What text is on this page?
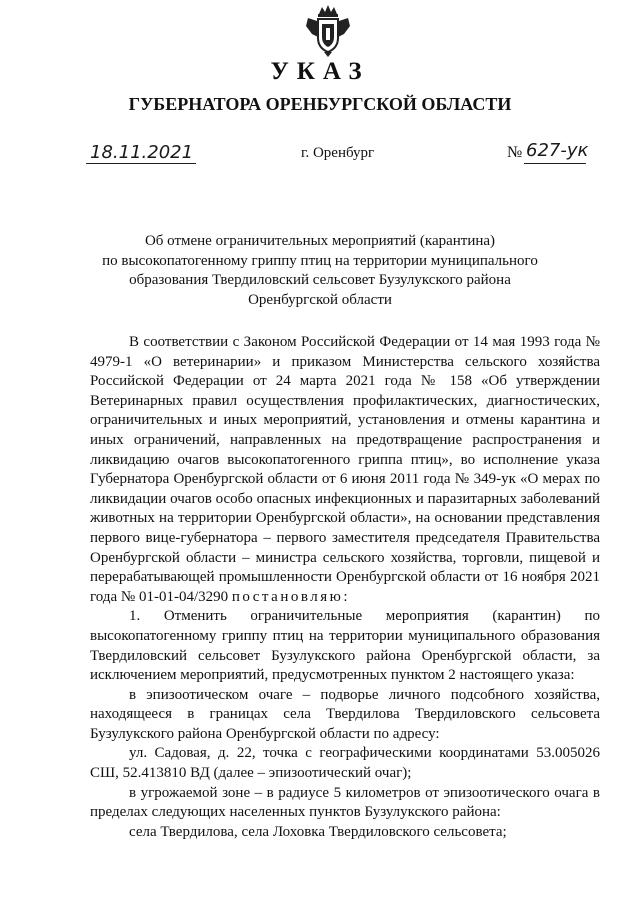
УКАЗ
ГУБЕРНАТОРА ОРЕНБУРГСКОЙ ОБЛАСТИ
18.11.2021	г. Оренбург	№ 627-ук
Об отмене ограничительных мероприятий (карантина)
по высокопатогенному гриппу птиц на территории муниципального
образования Твердиловский сельсовет Бузулукского района
Оренбургской области

В соответствии с Законом Российской Федерации от 14 мая 1993 года № 4979-1 «О ветеринарии» и приказом Министерства сельского хозяйства Российской Федерации от 24 марта 2021 года № 158 «Об утверждении Ветеринарных правил осуществления профилактических, диагностических, ограничительных и иных мероприятий, установления и отмены карантина и иных ограничений, направленных на предотвращение распространения и ликвидацию очагов высокопатогенного гриппа птиц», во исполнение указа Губернатора Оренбургской области от 6 июня 2011 года № 349-ук «О мерах по ликвидации очагов особо опасных инфекционных и паразитарных заболеваний животных на территории Оренбургской области», на основании представления первого вице-губернатора – первого заместителя председателя Правительства Оренбургской области – министра сельского хозяйства, торговли, пищевой и перерабатывающей промышленности Оренбургской области от 16 ноября 2021 года № 01-01-04/3290 постановляю:

1. Отменить ограничительные мероприятия (карантин) по высокопатогенному гриппу птиц на территории муниципального образования Твердиловский сельсовет Бузулукского района Оренбургской области, за исключением мероприятий, предусмотренных пунктом 2 настоящего указа:

в эпизоотическом очаге – подворье личного подсобного хозяйства, находящееся в границах села Твердилова Твердиловского сельсовета Бузулукского района Оренбургской области по адресу:

ул. Садовая, д. 22, точка с географическими координатами 53.005026 СШ, 52.413810 ВД (далее – эпизоотический очаг);

в угрожаемой зоне – в радиусе 5 километров от эпизоотического очага в пределах следующих населенных пунктов Бузулукского района:

села Твердилова, села Лоховка Твердиловского сельсовета;
